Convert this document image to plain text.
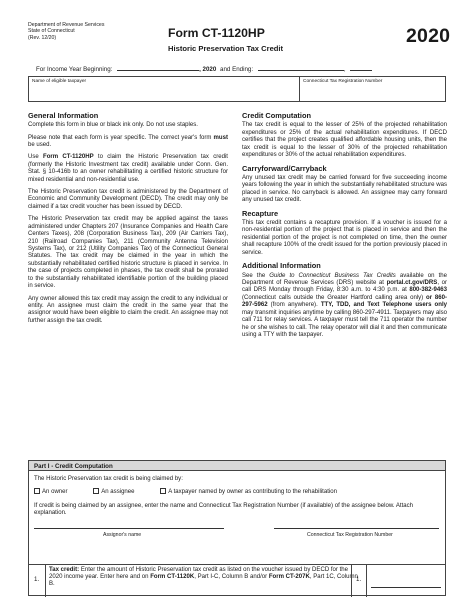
Department of Revenue Services
State of Connecticut
(Rev. 12/20)	Form CT-1120HP
Historic Preservation Tax Credit
2020
For Income Year Beginning:	, 2020 and Ending:	,
Name of eligible taxpayer	Connecticut Tax Registration Number
General Information

Complete this form in blue or black ink only. Do not use staples.

Please note that each form is year specific. The correct year's form must be used.

Use Form CT-1120HP to claim the Historic Preservation tax credit (formerly the Historic Investment tax credit) available under Conn. Gen. Stat. § 10-416b to an owner rehabilitating a certified historic structure for mixed residential and non-residential use.

The Historic Preservation tax credit is administered by the Department of Economic and Community Development (DECD). The credit may only be claimed if a tax credit voucher has been issued by DECD.

The Historic Preservation tax credit may be applied against the taxes administered under Chapters 207 (Insurance Companies and Health Care Centers Taxes), 208 (Corporation Business Tax), 209 (Air Carriers Tax), 210 (Railroad Companies Tax), 211 (Community Antenna Television Systems Tax), or 212 (Utility Companies Tax) of the Connecticut General Statutes. The tax credit may be claimed in the year in which the substantially rehabilitated certified historic structure is placed in service. In the case of projects completed in phases, the tax credit shall be prorated to the substantially rehabilitated identifiable portion of the building placed in service.

Any owner allowed this tax credit may assign the credit to any individual or entity. An assignee must claim the credit in the same year that the assignor would have been eligible to claim the credit. An assignee may not further assign the tax credit.

Credit Computation

The tax credit is equal to the lesser of 25% of the projected rehabilitation expenditures or 25% of the actual rehabilitation expenditures. If DECD certifies that the project creates qualified affordable housing units, then the tax credit is equal to the lesser of 30% of the projected rehabilitation expenditures or 30% of the actual rehabilitation expenditures.

Carryforward/Carryback

Any unused tax credit may be carried forward for five succeeding income years following the year in which the substantially rehabilitated structure was placed in service. No carryback is allowed. An assignee may carry forward any unused tax credit.

Recapture

This tax credit contains a recapture provision. If a voucher is issued for a non-residential portion of the project that is placed in service and then the residential portion of the project is not completed on time, then the owner shall recapture 100% of the credit issued for the portion previously placed in service.

Additional Information

See the Guide to Connecticut Business Tax Credits available on the Department of Revenue Services (DRS) website at portal.ct.gov/DRS, or call DRS Monday through Friday, 8:30 a.m. to 4:30 p.m. at 800-382-9463 (Connecticut calls outside the Greater Hartford calling area only) or 860-297-5962 (from anywhere). TTY, TDD, and Text Telephone users only may transmit inquiries anytime by calling 860-297-4911. Taxpayers may also call 711 for relay services. A taxpayer must tell the 711 operator the number he or she wishes to call. The relay operator will dial it and then communicate using a TTY with the taxpayer.

Part I - Credit Computation
The Historic Preservation tax credit is being claimed by:
An owner	An assignee	A taxpayer named by owner as contributing to the rehabilitation
If credit is being claimed by an assignee, enter the name and Connecticut Tax Registration Number (if available) of the assignee below. Attach explanation.
Assignor's name	Connecticut Tax Registration Number
1.
Tax credit: Enter the amount of Historic Preservation tax credit as listed on the voucher issued by DECD for the 2020 income year. Enter here and on Form CT-1120K, Part I-C, Column B and/or Form CT-207K, Part 1C, Column B.
1.
